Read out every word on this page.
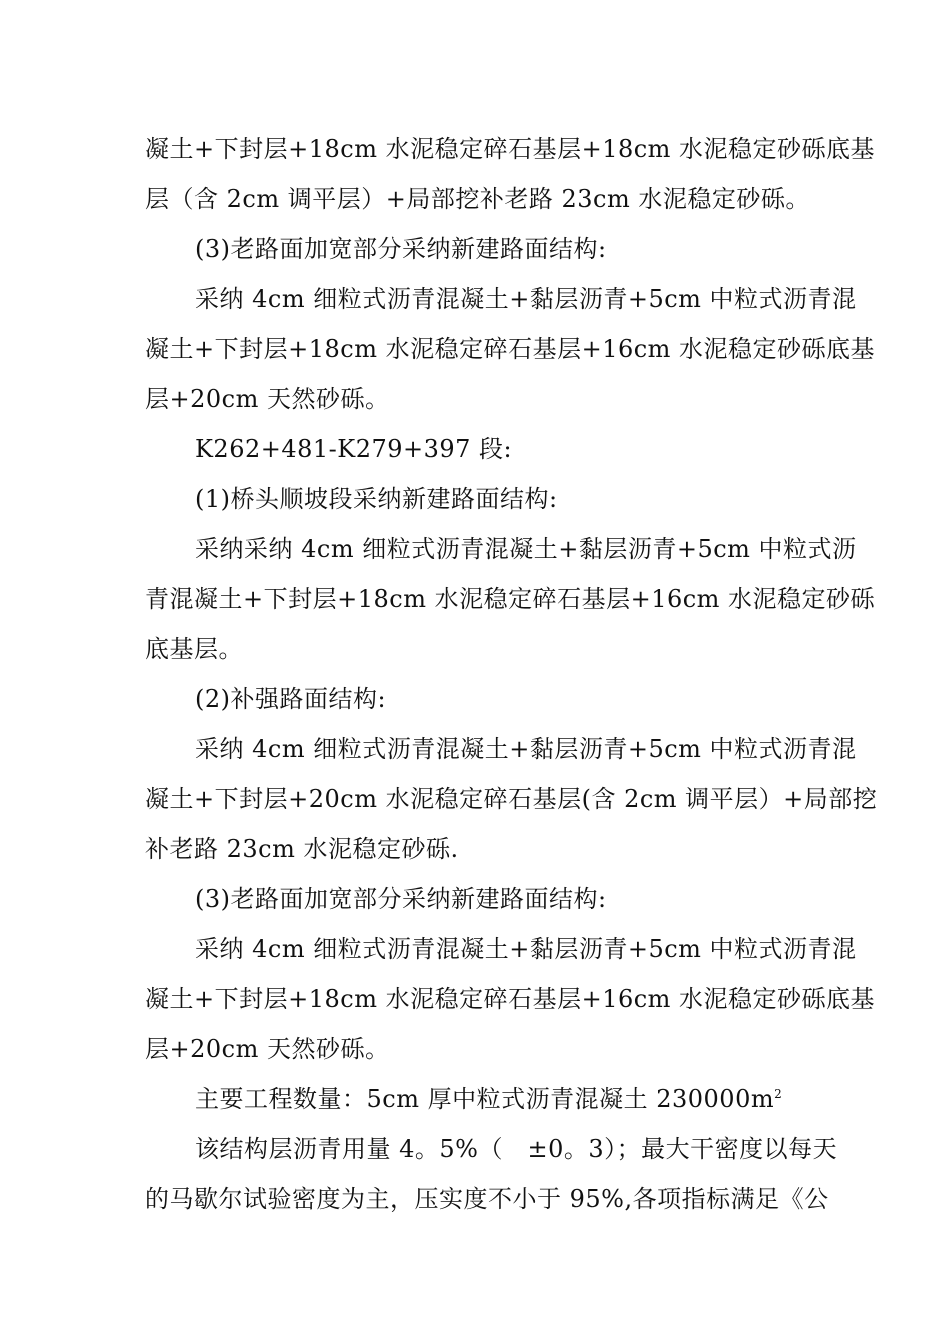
凝土+下封层+18cm 水泥稳定碎石基层+18cm 水泥稳定砂砾底基
层（含 2cm 调平层）+局部挖补老路 23cm 水泥稳定砂砾。
(3)老路面加宽部分采纳新建路面结构:
采纳 4cm 细粒式沥青混凝土+黏层沥青+5cm 中粒式沥青混
凝土+下封层+18cm 水泥稳定碎石基层+16cm 水泥稳定砂砾底基
层+20cm 天然砂砾。
K262+481-K279+397 段:
(1)桥头顺坡段采纳新建路面结构:
采纳采纳 4cm 细粒式沥青混凝土+黏层沥青+5cm 中粒式沥
青混凝土+下封层+18cm 水泥稳定碎石基层+16cm 水泥稳定砂砾
底基层。
(2)补强路面结构:
采纳 4cm 细粒式沥青混凝土+黏层沥青+5cm 中粒式沥青混
凝土+下封层+20cm 水泥稳定碎石基层(含 2cm 调平层）+局部挖
补老路 23cm 水泥稳定砂砾.
(3)老路面加宽部分采纳新建路面结构:
采纳 4cm 细粒式沥青混凝土+黏层沥青+5cm 中粒式沥青混
凝土+下封层+18cm 水泥稳定碎石基层+16cm 水泥稳定砂砾底基
层+20cm 天然砂砾。
主要工程数量：5cm 厚中粒式沥青混凝土 $230000m^2$
该结构层沥青用量 4。5%（　±0。3）；最大干密度以每天
的马歇尔试验密度为主，压实度不小于 95%,各项指标满足《公
